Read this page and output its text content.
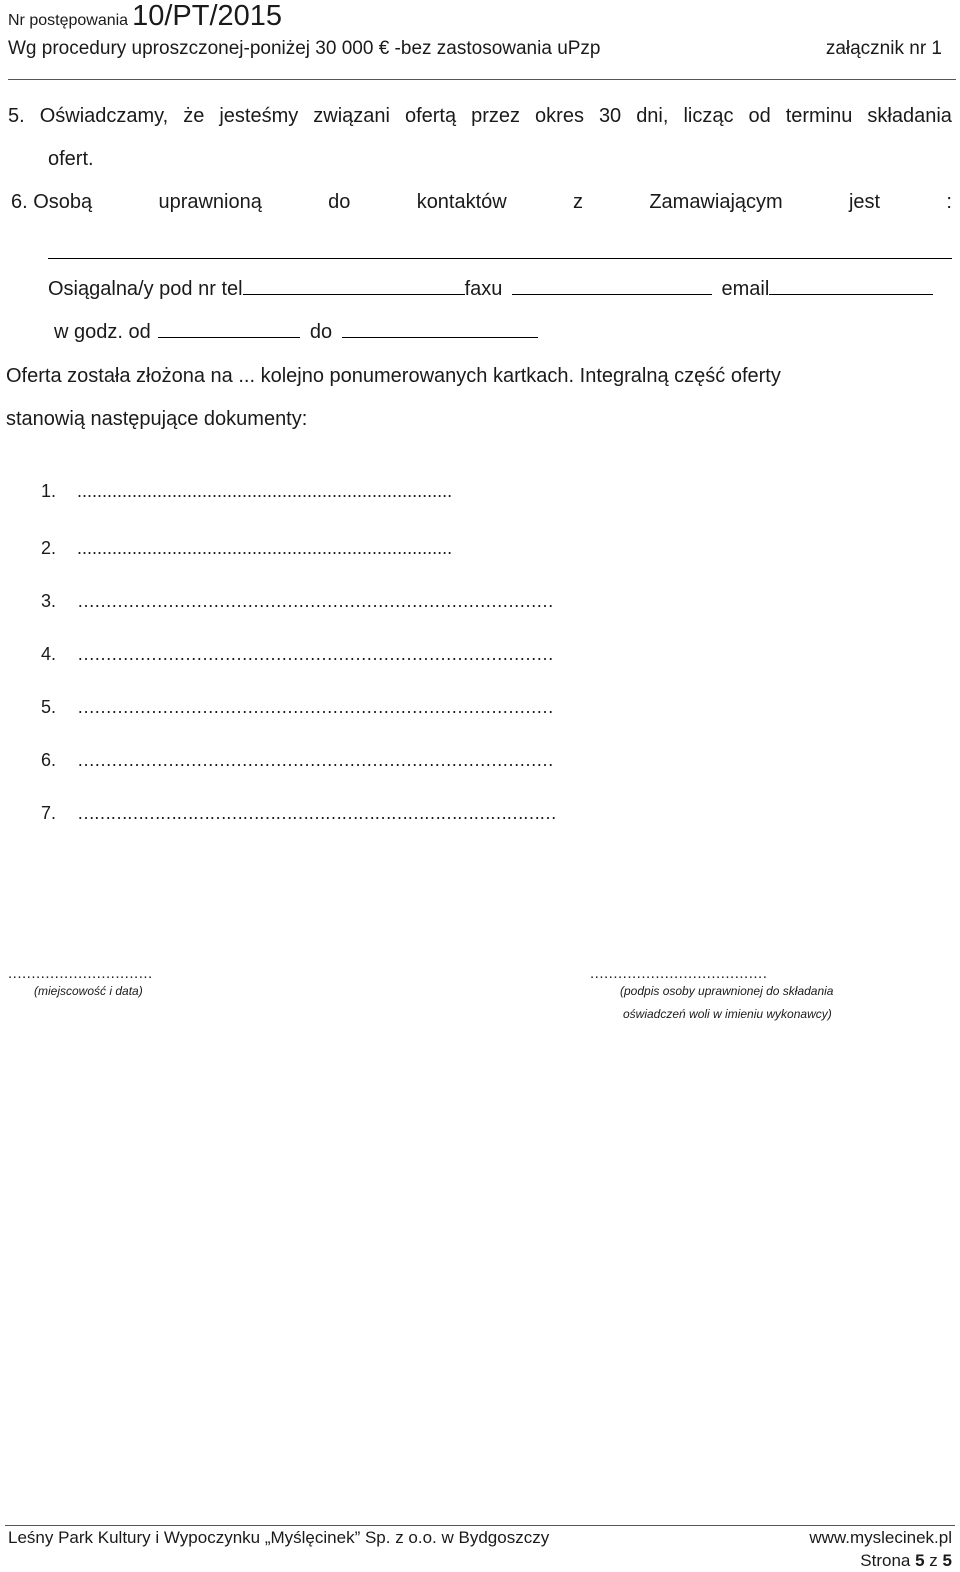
Nr postępowania 10/PT/2015
Wg procedury uproszczonej-poniżej 30 000 € -bez zastosowania uPzp	załącznik nr 1
5. Oświadczamy, że jesteśmy związani ofertą przez okres 30 dni, licząc od terminu składania
ofert.
6. Osobą	uprawnioną	do	kontaktów	z	Zamawiającym	jest	:
Osiągalna/y pod nr tel	faxu	email
w godz. od	do
Oferta została złożona na ... kolejno ponumerowanych kartkach. Integralną część oferty
stanowią następujące dokumenty:
1. ...........................................................................
2. ...........................................................................
3. …………………………………………………………………………
4. …………………………………………………………………………
5. …………………………………………………………………………
6. …………………………………………………………………………
7. ……………………………………………………………………………
...............................
(miejscowość i data)
......................................
(podpis osoby uprawnionej do składania
oświadczeń woli w imieniu wykonawcy)
Leśny Park Kultury i Wypoczynku „Myślęcinek” Sp. z o.o. w Bydgoszczy	www.myslecinek.pl
Strona 5 z 5
